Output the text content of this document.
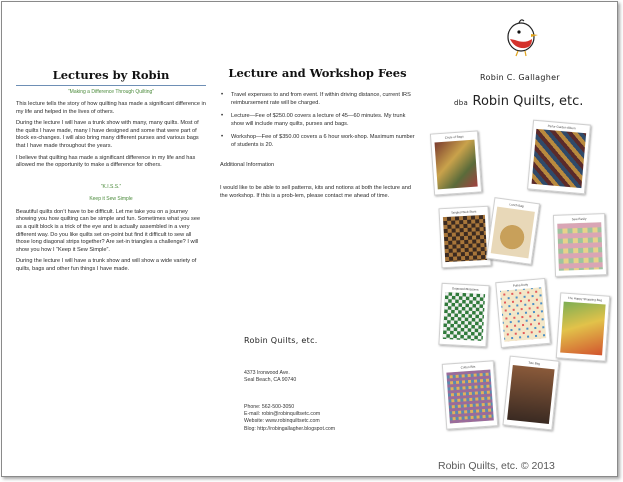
Lectures by Robin
“Making a Difference Through Quilting”
This lecture tells the story of how quilting has made a significant difference in my life and helped in the lives of others.
During the lecture I will have a trunk show with many, many quilts. Most of the quilts I have made, many I have designed and some that were part of block ex-changes. I will also bring many different purses and various bags that I have made throughout the years.
I believe that quilting has made a significant difference in my life and has allowed me the opportunity to make a difference for others.
“K.I.S.S.”
Keep it Sew Simple
Beautiful quilts don’t have to be difficult. Let me take you on a journey showing you how quilting can be simple and fun. Sometimes what you see as a quilt block is a trick of the eye and is actually assembled in a very different way. Do you like quilts set on-point but find it difficult to sew all those long diagonal strips together? Are set-in triangles a challenge? I will show you how I “Keep it Sew Simple”.
During the lecture I will have a trunk show and will show a wide variety of quilts, bags and other fun things I have made.
Lecture and Workshop Fees
• Travel expenses to and from event. If within driving distance, current IRS reimbursement rate will be charged.
• Lecture—Fee of $250.00 covers a lecture of 45—60 minutes. My trunk show will include many quilts, purses and bags.
• Workshop—Fee of $350.00 covers a 6 hour work-shop. Maximum number of students is 20.
Additional Information
I would like to be able to sell patterns, kits and notions at both the lecture and the workshop. If this is a prob-lem, please contact me ahead of time.
Robin Quilts, etc.
4373 Ironwood Ave.
Seal Beach, CA 90740
Phone: 562-500-3050
E-mail: robin@robinquiltsetc.com
Website: www.robinquiltsetc.com
Blog: http://robingallagher.blogspot.com
Robin C. Gallagher
dba Robin Quilts, etc.
Circle of Bags
Parlor Garden Album
Tangled Web Stars
Lunch Bag
Sew Easily
Dogwood Blossoms
Polka Dotty
The Happy Shopping Bag
Cotton Bits
Tote Bag
Robin Quilts, etc. © 2013
